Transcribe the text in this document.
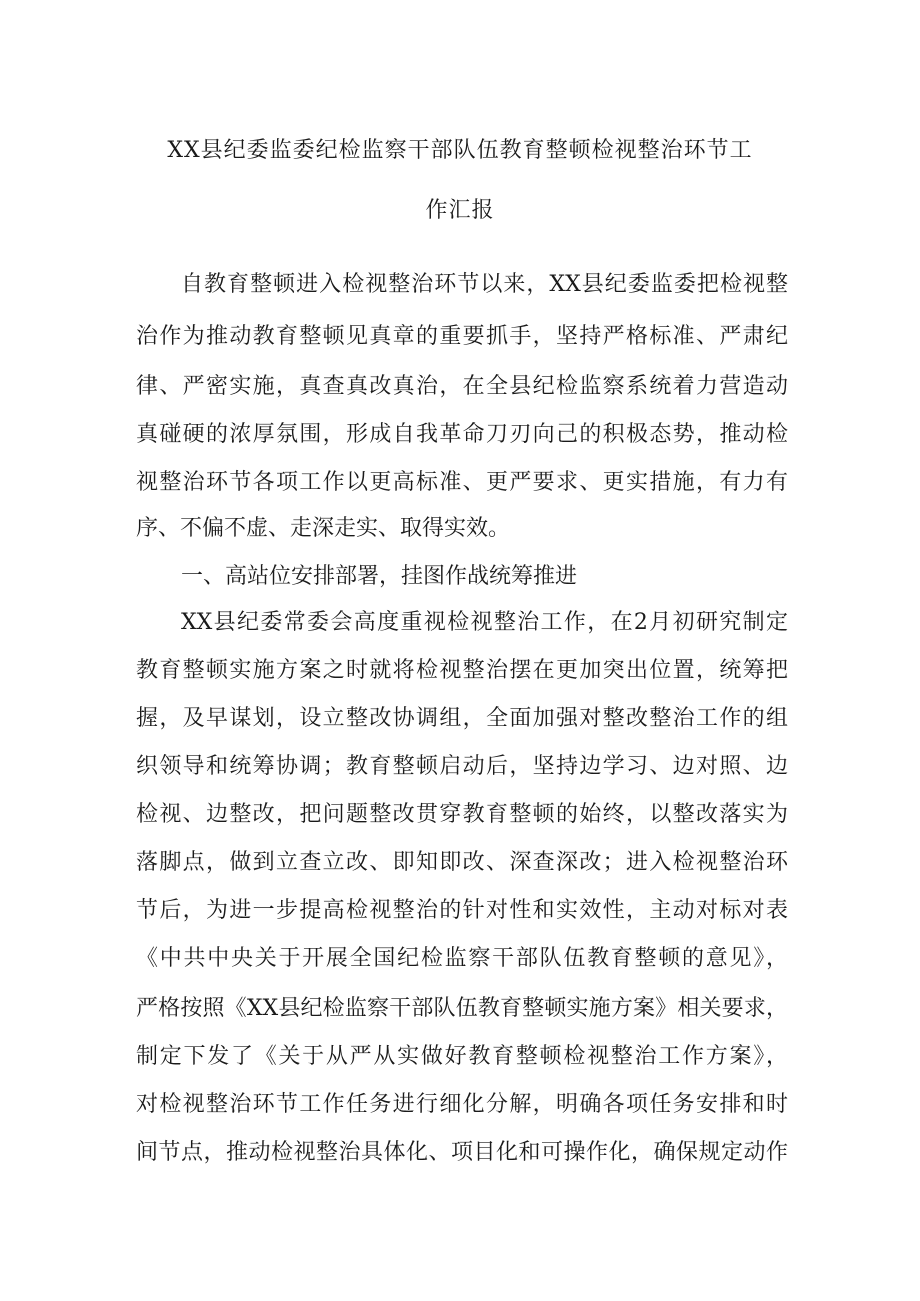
XX县纪委监委纪检监察干部队伍教育整顿检视整治环节工
作汇报
自教育整顿进入检视整治环节以来，XX县纪委监委把检视整
治作为推动教育整顿见真章的重要抓手，坚持严格标准、严肃纪
律、严密实施，真查真改真治，在全县纪检监察系统着力营造动
真碰硬的浓厚氛围，形成自我革命刀刃向己的积极态势，推动检
视整治环节各项工作以更高标准、更严要求、更实措施，有力有
序、不偏不虚、走深走实、取得实效。
一、高站位安排部署，挂图作战统筹推进
XX县纪委常委会高度重视检视整治工作，在2月初研究制定
教育整顿实施方案之时就将检视整治摆在更加突出位置，统筹把
握，及早谋划，设立整改协调组，全面加强对整改整治工作的组
织领导和统筹协调；教育整顿启动后，坚持边学习、边对照、边
检视、边整改，把问题整改贯穿教育整顿的始终，以整改落实为
落脚点，做到立查立改、即知即改、深查深改；进入检视整治环
节后，为进一步提高检视整治的针对性和实效性，主动对标对表
《中共中央关于开展全国纪检监察干部队伍教育整顿的意见》，
严格按照《XX县纪检监察干部队伍教育整顿实施方案》相关要求，
制定下发了《关于从严从实做好教育整顿检视整治工作方案》，
对检视整治环节工作任务进行细化分解，明确各项任务安排和时
间节点，推动检视整治具体化、项目化和可操作化，确保规定动作
